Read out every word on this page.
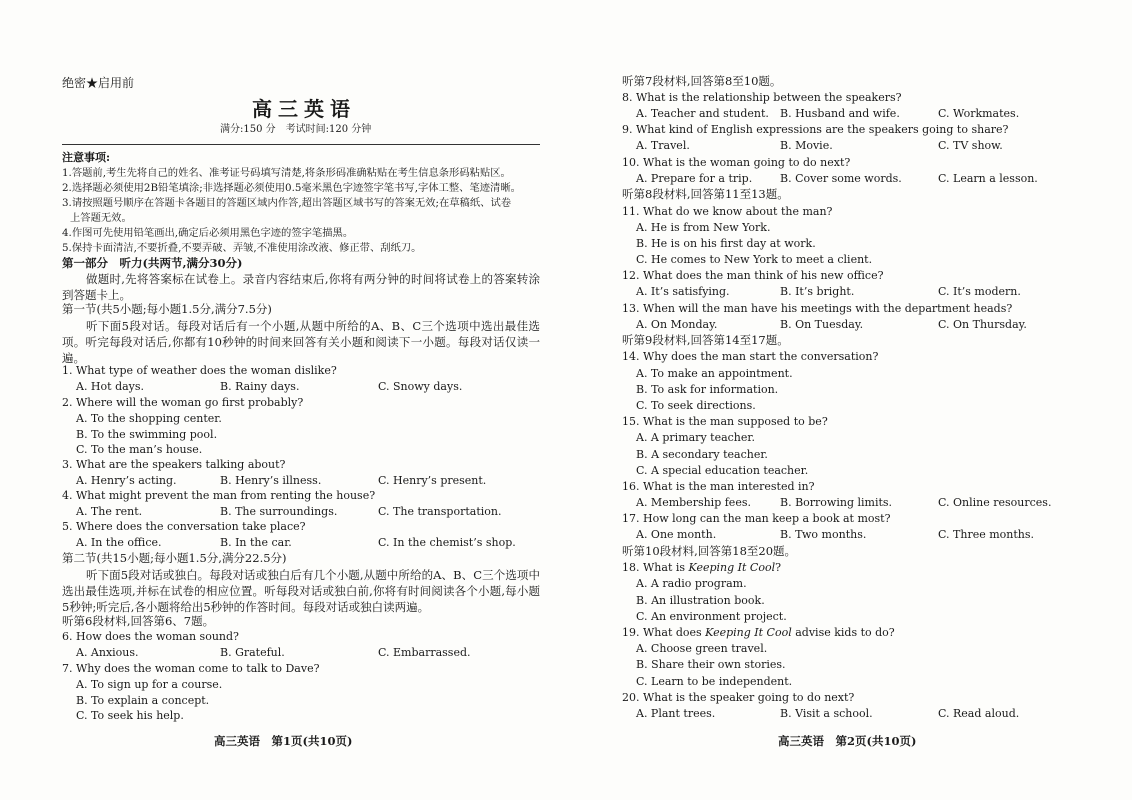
绝密★启用前
高三英语
满分:150 分　考试时间:120 分钟
注意事项:
1.答题前,考生先将自己的姓名、准考证号码填写清楚,将条形码准确粘贴在考生信息条形码粘贴区。
2.选择题必须使用2B铅笔填涂;非选择题必须使用0.5毫米黑色字迹签字笔书写,字体工整、笔迹清晰。
3.请按照题号顺序在答题卡各题目的答题区域内作答,超出答题区域书写的答案无效;在草稿纸、试卷
上答题无效。
4.作图可先使用铅笔画出,确定后必须用黑色字迹的签字笔描黑。
5.保持卡面清洁,不要折叠,不要弄破、弄皱,不准使用涂改液、修正带、刮纸刀。
第一部分　听力(共两节,满分30分)
做题时,先将答案标在试卷上。录音内容结束后,你将有两分钟的时间将试卷上的答案转涂到答题卡上。
第一节(共5小题;每小题1.5分,满分7.5分)
听下面5段对话。每段对话后有一个小题,从题中所给的A、B、C三个选项中选出最佳选项。听完每段对话后,你都有10秒钟的时间来回答有关小题和阅读下一小题。每段对话仅读一遍。
1. What type of weather does the woman dislike?
A. Hot days.	B. Rainy days.	C. Snowy days.
2. Where will the woman go first probably?
A. To the shopping center.
B. To the swimming pool.
C. To the man’s house.
3. What are the speakers talking about?
A. Henry’s acting.	B. Henry’s illness.	C. Henry’s present.
4. What might prevent the man from renting the house?
A. The rent.	B. The surroundings.	C. The transportation.
5. Where does the conversation take place?
A. In the office.	B. In the car.	C. In the chemist’s shop.
第二节(共15小题;每小题1.5分,满分22.5分)
听下面5段对话或独白。每段对话或独白后有几个小题,从题中所给的A、B、C三个选项中选出最佳选项,并标在试卷的相应位置。听每段对话或独白前,你将有时间阅读各个小题,每小题5秒钟;听完后,各小题将给出5秒钟的作答时间。每段对话或独白读两遍。
听第6段材料,回答第6、7题。
6. How does the woman sound?
A. Anxious.	B. Grateful.	C. Embarrassed.
7. Why does the woman come to talk to Dave?
A. To sign up for a course.
B. To explain a concept.
C. To seek his help.
高三英语　第1页(共10页)
听第7段材料,回答第8至10题。
8. What is the relationship between the speakers?
A. Teacher and student. B. Husband and wife.	C. Workmates.
9. What kind of English expressions are the speakers going to share?
A. Travel.	B. Movie.	C. TV show.
10. What is the woman going to do next?
A. Prepare for a trip.	B. Cover some words.	C. Learn a lesson.
听第8段材料,回答第11至13题。
11. What do we know about the man?
A. He is from New York.
B. He is on his first day at work.
C. He comes to New York to meet a client.
12. What does the man think of his new office?
A. It’s satisfying.	B. It’s bright.	C. It’s modern.
13. When will the man have his meetings with the department heads?
A. On Monday.	B. On Tuesday.	C. On Thursday.
听第9段材料,回答第14至17题。
14. Why does the man start the conversation?
A. To make an appointment.
B. To ask for information.
C. To seek directions.
15. What is the man supposed to be?
A. A primary teacher.
B. A secondary teacher.
C. A special education teacher.
16. What is the man interested in?
A. Membership fees.	B. Borrowing limits.	C. Online resources.
17. How long can the man keep a book at most?
A. One month.	B. Two months.	C. Three months.
听第10段材料,回答第18至20题。
18. What is Keeping It Cool?
A. A radio program.
B. An illustration book.
C. An environment project.
19. What does Keeping It Cool advise kids to do?
A. Choose green travel.
B. Share their own stories.
C. Learn to be independent.
20. What is the speaker going to do next?
A. Plant trees.	B. Visit a school.	C. Read aloud.
高三英语　第2页(共10页)
